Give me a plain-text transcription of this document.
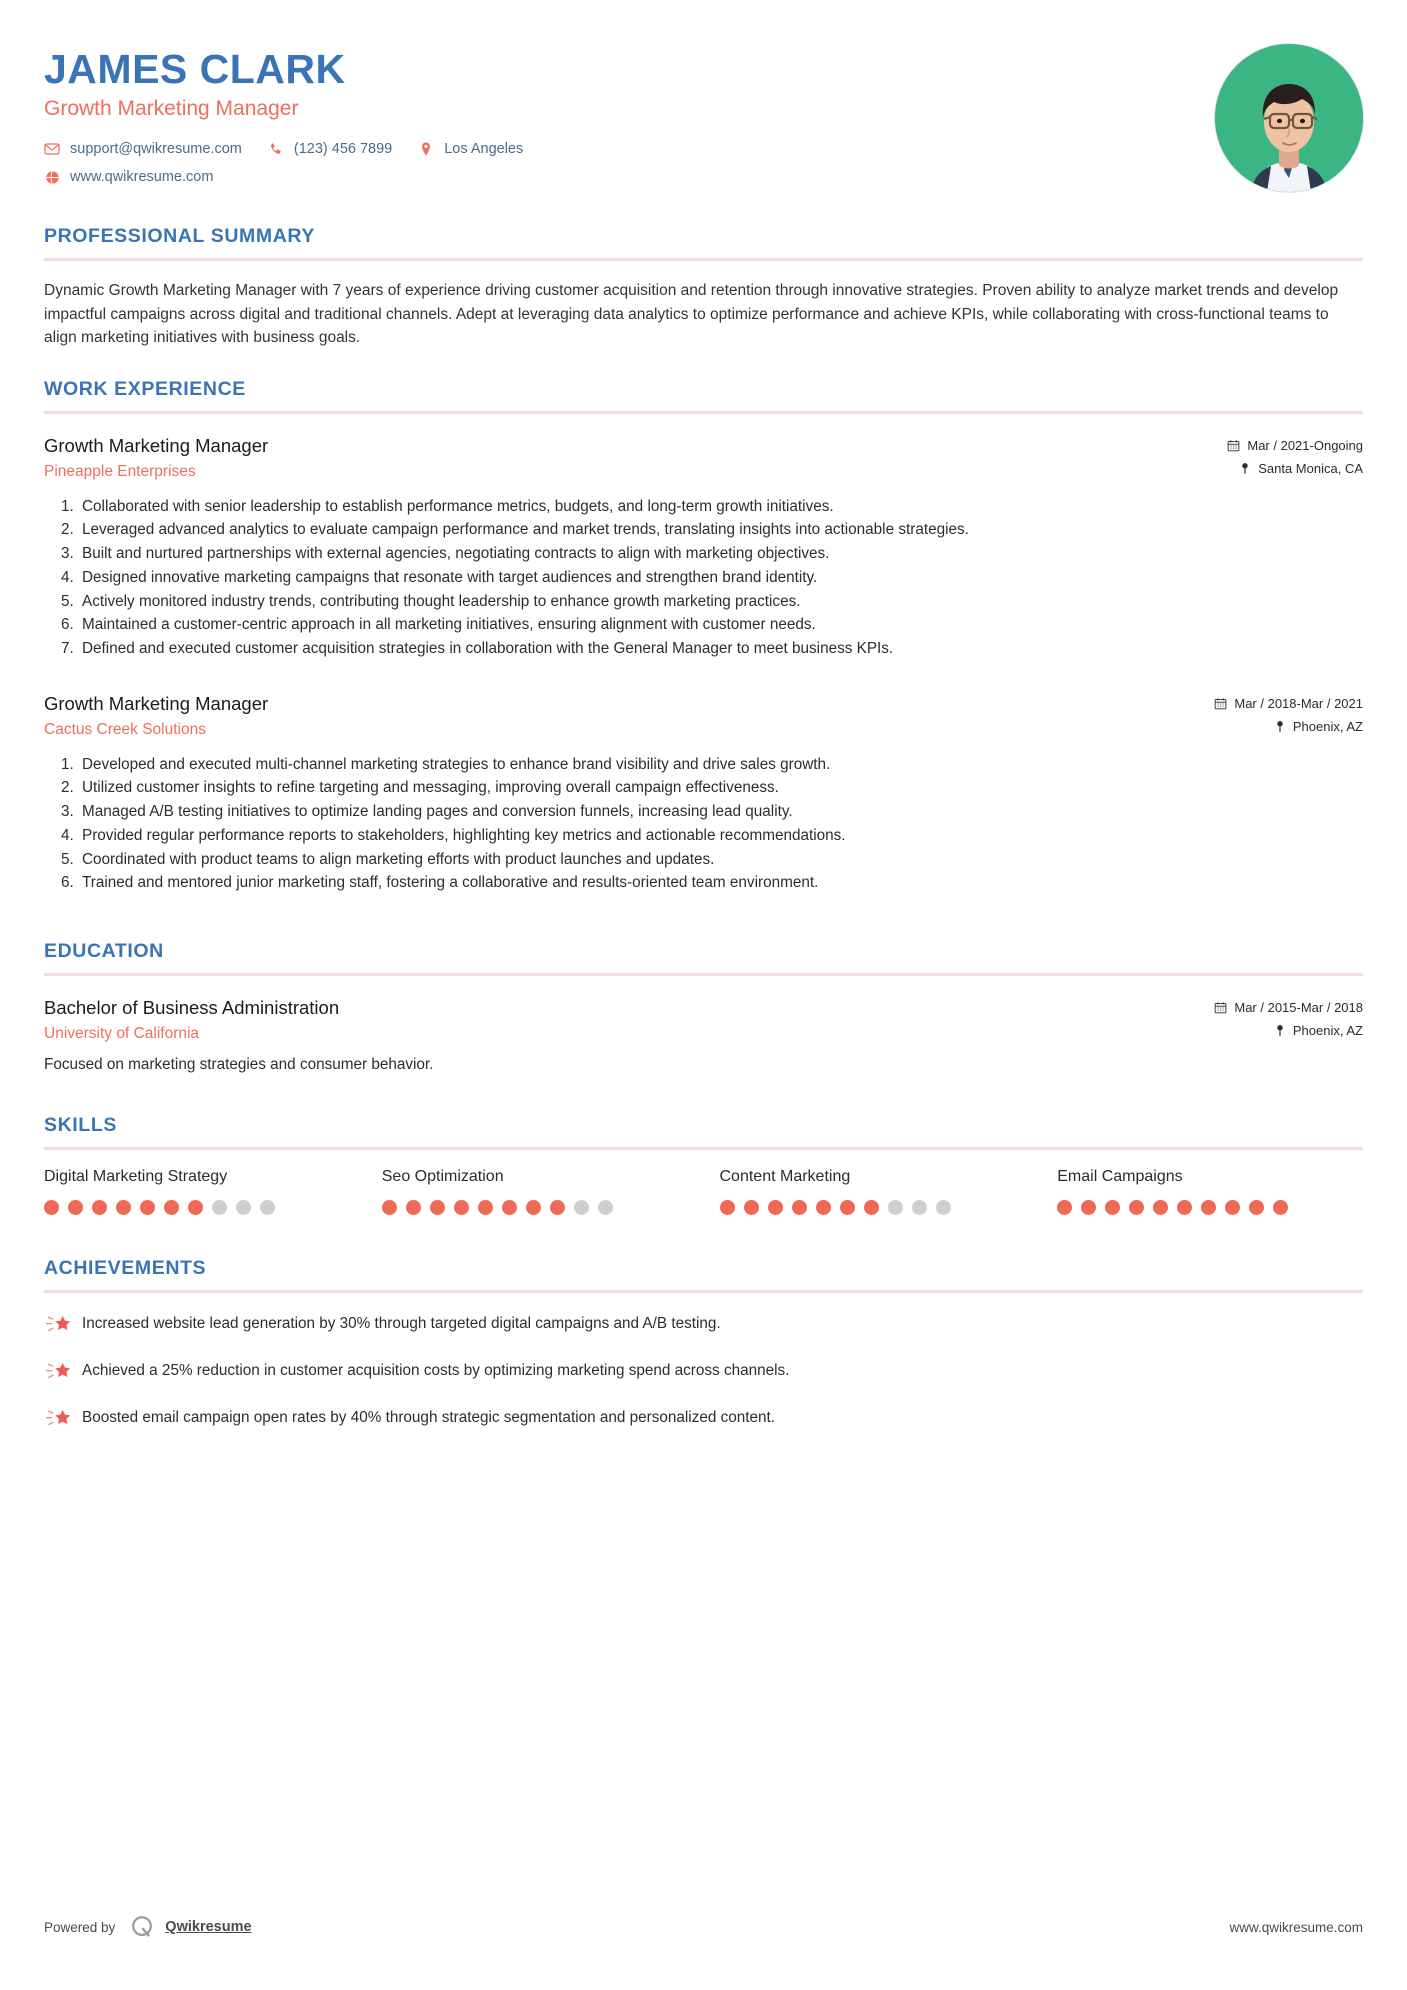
JAMES CLARK
Growth Marketing Manager
support@qwikresume.com	(123) 456 7899	Los Angeles
www.qwikresume.com
PROFESSIONAL SUMMARY

Dynamic Growth Marketing Manager with 7 years of experience driving customer acquisition and retention through innovative strategies. Proven ability to analyze market trends and develop impactful campaigns across digital and traditional channels. Adept at leveraging data analytics to optimize performance and achieve KPIs, while collaborating with cross-functional teams to align marketing initiatives with business goals.

WORK EXPERIENCE
Growth Marketing Manager
Pineapple Enterprises
Mar / 2021-Ongoing
Santa Monica, CA
1. Collaborated with senior leadership to establish performance metrics, budgets, and long-term growth initiatives.
2. Leveraged advanced analytics to evaluate campaign performance and market trends, translating insights into actionable strategies.
3. Built and nurtured partnerships with external agencies, negotiating contracts to align with marketing objectives.
4. Designed innovative marketing campaigns that resonate with target audiences and strengthen brand identity.
5. Actively monitored industry trends, contributing thought leadership to enhance growth marketing practices.
6. Maintained a customer-centric approach in all marketing initiatives, ensuring alignment with customer needs.
7. Defined and executed customer acquisition strategies in collaboration with the General Manager to meet business KPIs.
Growth Marketing Manager
Cactus Creek Solutions
Mar / 2018-Mar / 2021
Phoenix, AZ
1. Developed and executed multi-channel marketing strategies to enhance brand visibility and drive sales growth.
2. Utilized customer insights to refine targeting and messaging, improving overall campaign effectiveness.
3. Managed A/B testing initiatives to optimize landing pages and conversion funnels, increasing lead quality.
4. Provided regular performance reports to stakeholders, highlighting key metrics and actionable recommendations.
5. Coordinated with product teams to align marketing efforts with product launches and updates.
6. Trained and mentored junior marketing staff, fostering a collaborative and results-oriented team environment.
EDUCATION
Bachelor of Business Administration
University of California
Mar / 2015-Mar / 2018
Phoenix, AZ
Focused on marketing strategies and consumer behavior.
SKILLS
Digital Marketing Strategy	Seo Optimization	Content Marketing	Email Campaigns
ACHIEVEMENTS
Increased website lead generation by 30% through targeted digital campaigns and A/B testing.
Achieved a 25% reduction in customer acquisition costs by optimizing marketing spend across channels.
Boosted email campaign open rates by 40% through strategic segmentation and personalized content.
Powered by	Qwikresume	www.qwikresume.com
